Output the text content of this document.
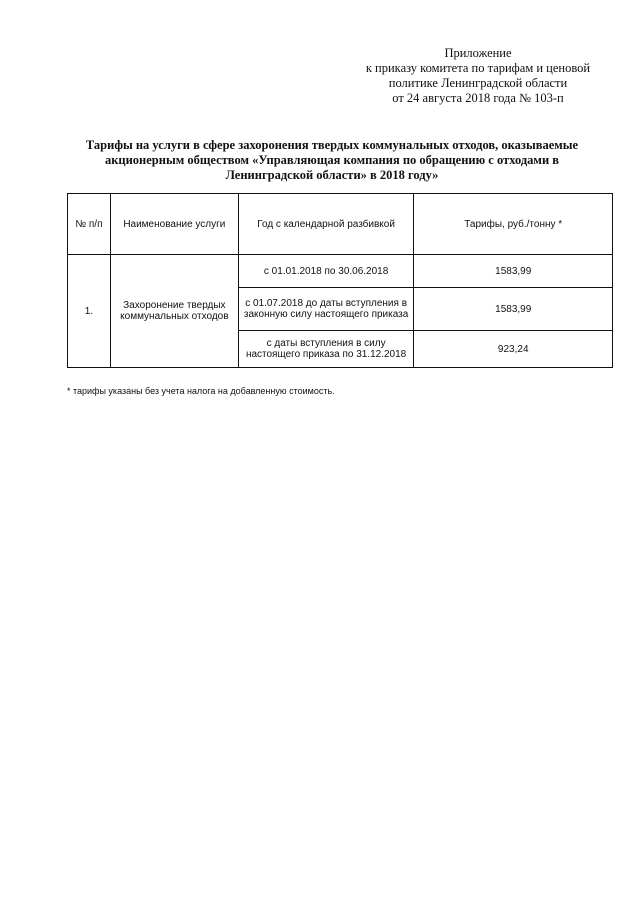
Приложение
к приказу комитета по тарифам и ценовой
политике Ленинградской области
от 24 августа 2018 года № 103-п
Тарифы на услуги в сфере захоронения твердых коммунальных отходов, оказываемые акционерным обществом «Управляющая компания по обращению с отходами в Ленинградской области» в 2018 году»
№ п/п	Наименование услуги	Год с календарной разбивкой	Тарифы, руб./тонну *
1.	Захоронение твердых коммунальных отходов	с 01.01.2018 по 30.06.2018	1583,99
		с 01.07.2018 до даты вступления в законную силу настоящего приказа	1583,99
		с даты вступления в силу настоящего приказа по 31.12.2018	923,24
* тарифы указаны без учета налога на добавленную стоимость.
